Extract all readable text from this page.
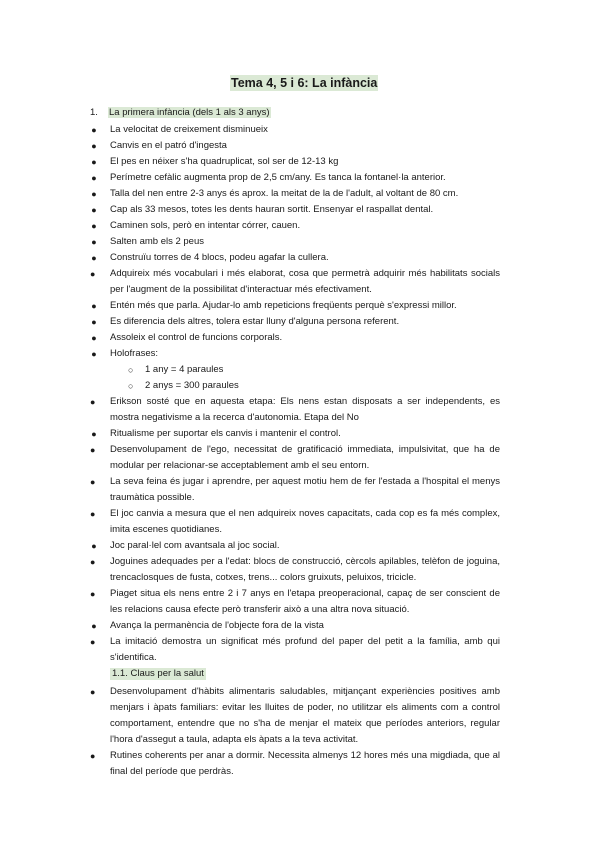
Tema 4, 5 i 6: La infància
1. La primera infància (dels 1 als 3 anys)
● La velocitat de creixement disminueix
● Canvis en el patró d'ingesta
● El pes en néixer s'ha quadruplicat, sol ser de 12-13 kg
● Perímetre cefàlic augmenta prop de 2,5 cm/any. Es tanca la fontanel·la anterior.
● Talla del nen entre 2-3 anys és aprox. la meitat de la de l'adult, al voltant de 80 cm.
● Cap als 33 mesos, totes les dents hauran sortit. Ensenyar el raspallat dental.
● Caminen sols, però en intentar córrer, cauen.
● Salten amb els 2 peus
● Construïu torres de 4 blocs, podeu agafar la cullera.
● Adquireix més vocabulari i més elaborat, cosa que permetrà adquirir més habilitats socials per l'augment de la possibilitat d'interactuar més efectivament.
● Entén més que parla. Ajudar-lo amb repeticions freqüents perquè s'expressi millor.
● Es diferencia dels altres, tolera estar lluny d'alguna persona referent.
● Assoleix el control de funcions corporals.
● Holofrases:
○ 1 any = 4 paraules
○ 2 anys = 300 paraules
● Erikson sosté que en aquesta etapa: Els nens estan disposats a ser independents, es mostra negativisme a la recerca d'autonomia. Etapa del No
● Ritualisme per suportar els canvis i mantenir el control.
● Desenvolupament de l'ego, necessitat de gratificació immediata, impulsivitat, que ha de modular per relacionar-se acceptablement amb el seu entorn.
● La seva feina és jugar i aprendre, per aquest motiu hem de fer l'estada a l'hospital el menys traumàtica possible.
● El joc canvia a mesura que el nen adquireix noves capacitats, cada cop es fa més complex, imita escenes quotidianes.
● Joc paral·lel com avantsala al joc social.
● Joguines adequades per a l'edat: blocs de construcció, cèrcols apilables, telèfon de joguina, trencaclosques de fusta, cotxes, trens... colors gruixuts, peluixos, tricicle.
● Piaget situa els nens entre 2 i 7 anys en l'etapa preoperacional, capaç de ser conscient de les relacions causa efecte però transferir això a una altra nova situació.
● Avança la permanència de l'objecte fora de la vista
● La imitació demostra un significat més profund del paper del petit a la família, amb qui s'identifica.
1.1. Claus per la salut
● Desenvolupament d'hàbits alimentaris saludables, mitjançant experiències positives amb menjars i àpats familiars: evitar les lluites de poder, no utilitzar els aliments com a control comportament, entendre que no s'ha de menjar el mateix que períodes anteriors, regular l'hora d'assegut a taula, adapta els àpats a la teva activitat.
● Rutines coherents per anar a dormir. Necessita almenys 12 hores més una migdiada, que al final del període que perdràs.
